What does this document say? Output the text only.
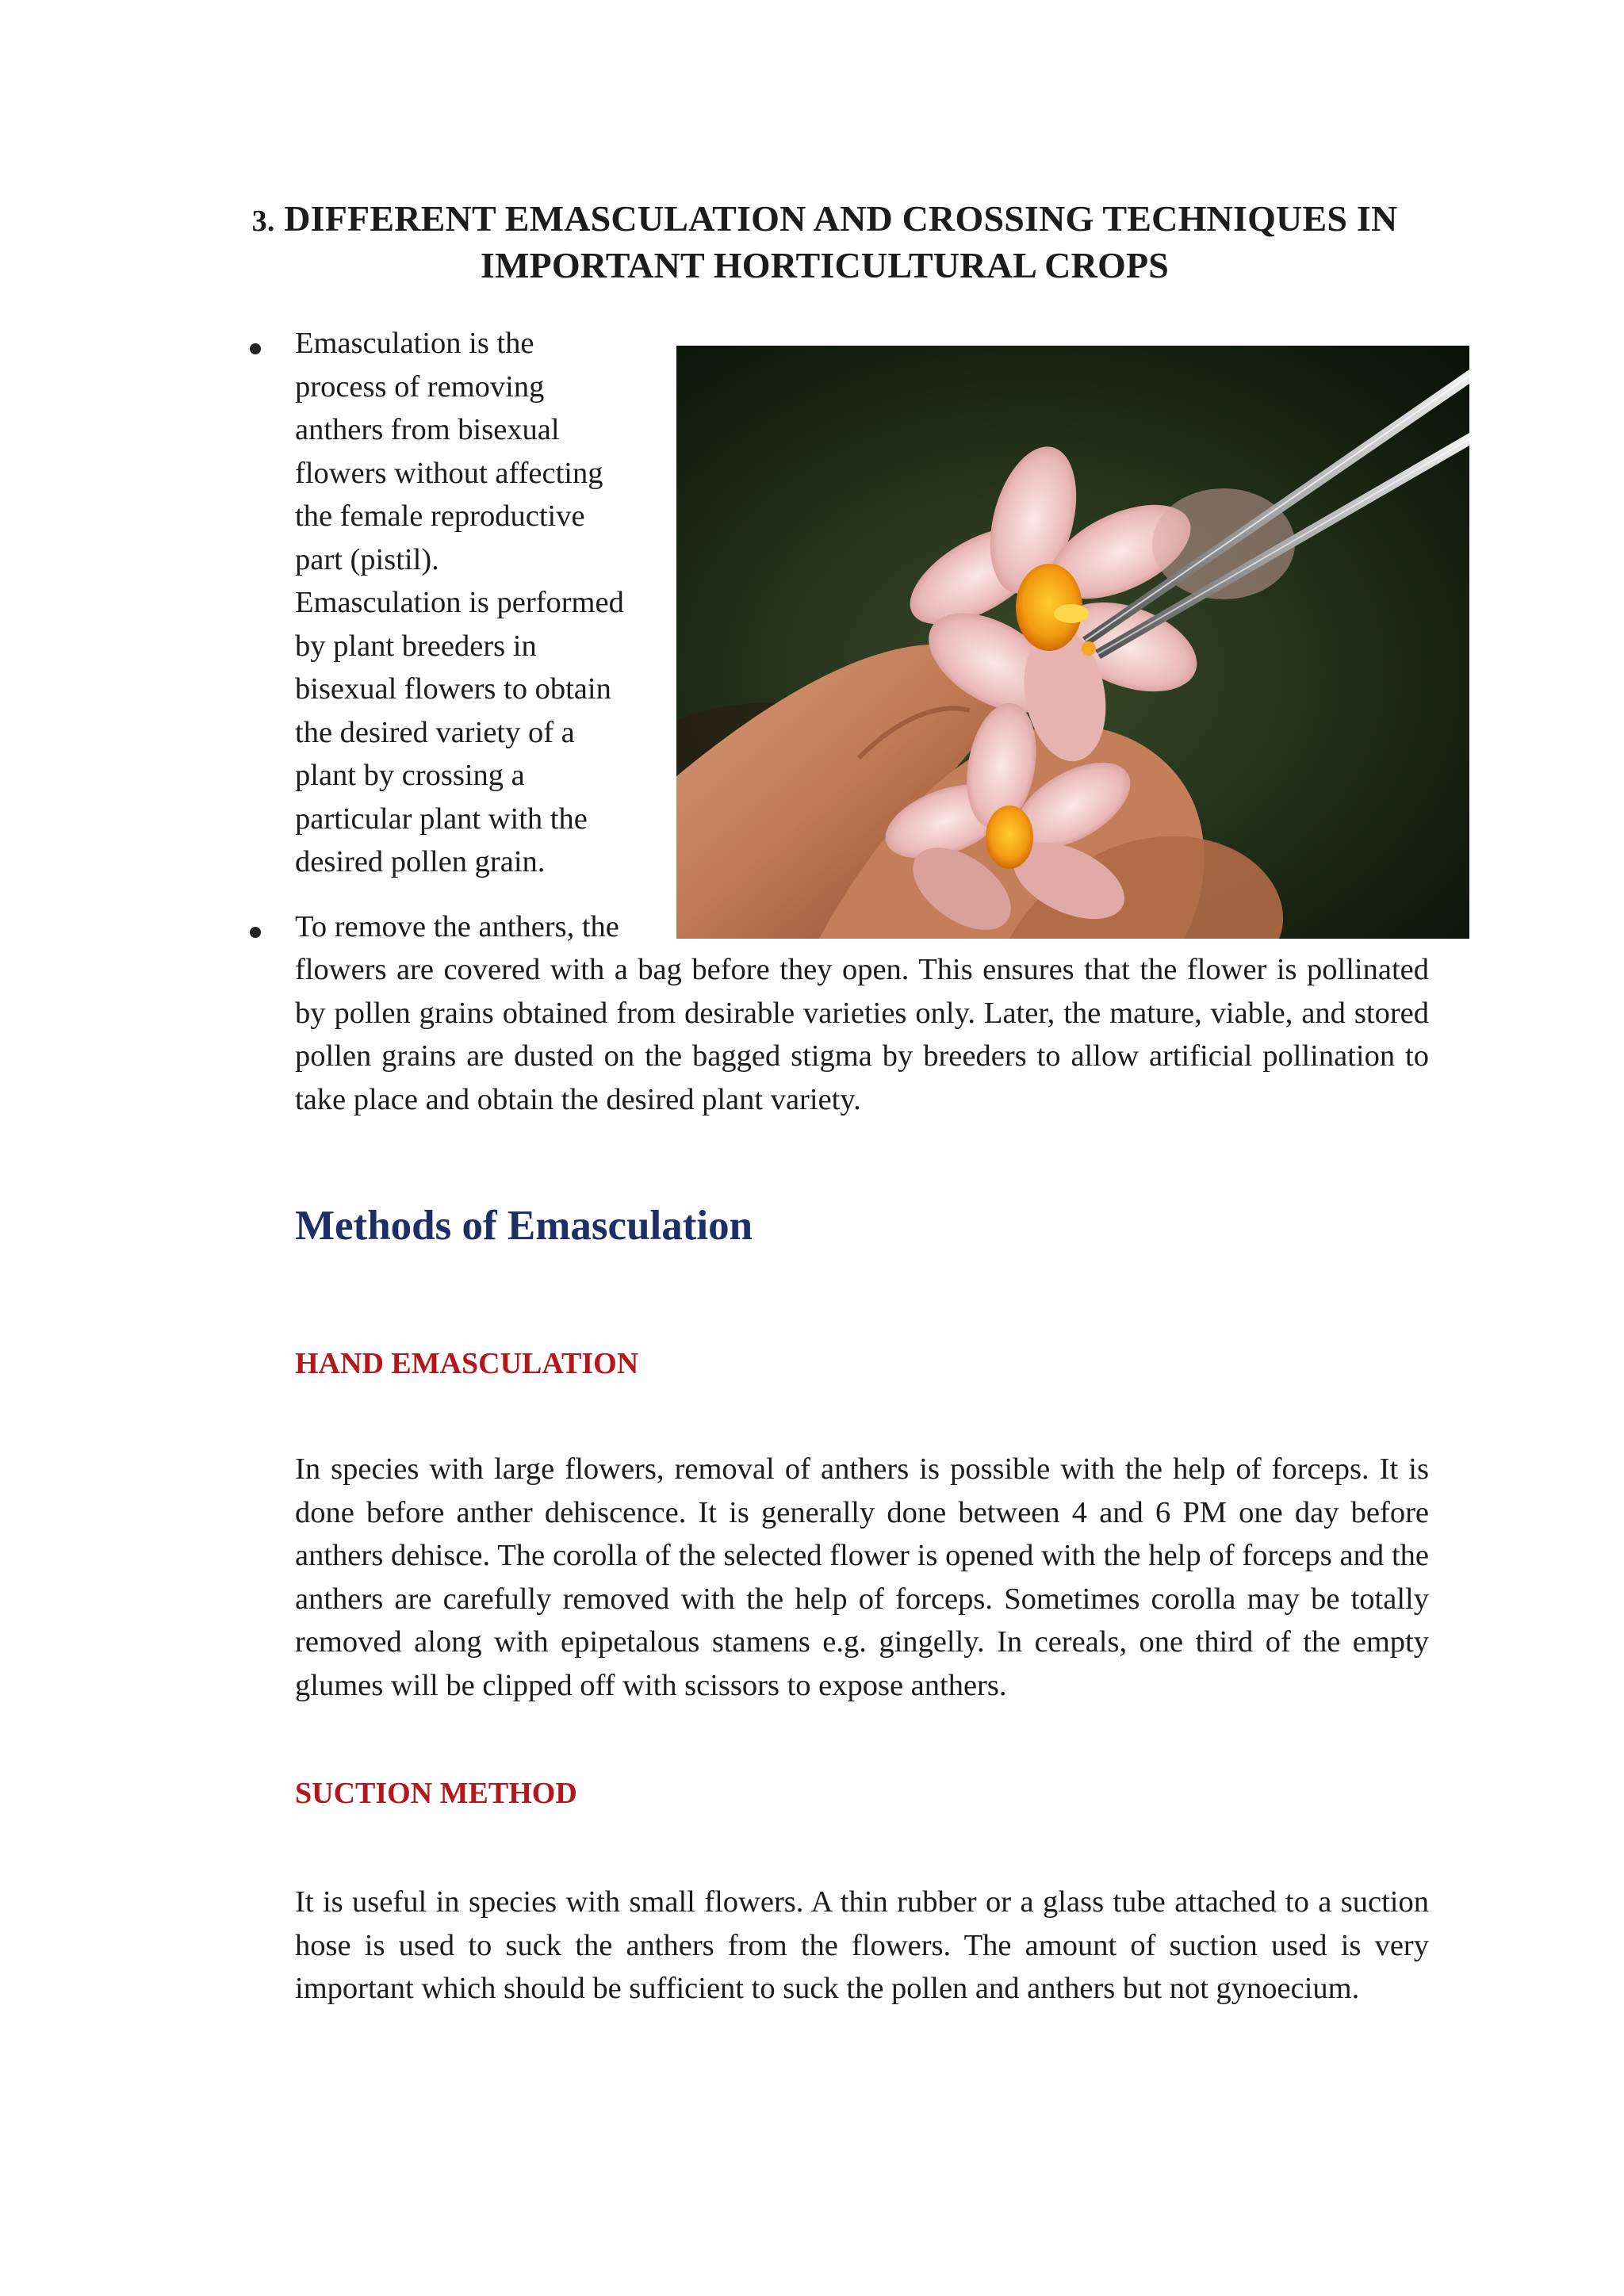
3. DIFFERENT EMASCULATION AND CROSSING TECHNIQUES IN
IMPORTANT HORTICULTURAL CROPS

Emasculation is the

process of removing

anthers from bisexual

flowers without affecting

the female reproductive

part (pistil).

Emasculation is performed

by plant breeders in

bisexual flowers to obtain

the desired variety of a

plant by crossing a

particular plant with the

desired pollen grain.

To remove the anthers, the

flowers are covered with a bag before they open. This ensures that the flower is pollinated by pollen grains obtained from desirable varieties only. Later, the mature, viable, and stored pollen grains are dusted on the bagged stigma by breeders to allow artificial pollination to take place and obtain the desired plant variety.

Methods of Emasculation
HAND EMASCULATION

In species with large flowers, removal of anthers is possible with the help of forceps. It is done before anther dehiscence. It is generally done between 4 and 6 PM one day before anthers dehisce. The corolla of the selected flower is opened with the help of forceps and the anthers are carefully removed with the help of forceps. Sometimes corolla may be totally removed along with epipetalous stamens e.g. gingelly. In cereals, one third of the empty glumes will be clipped off with scissors to expose anthers.

SUCTION METHOD

It is useful in species with small flowers. A thin rubber or a glass tube attached to a suction hose is used to suck the anthers from the flowers. The amount of suction used is very important which should be sufficient to suck the pollen and anthers but not gynoecium.
